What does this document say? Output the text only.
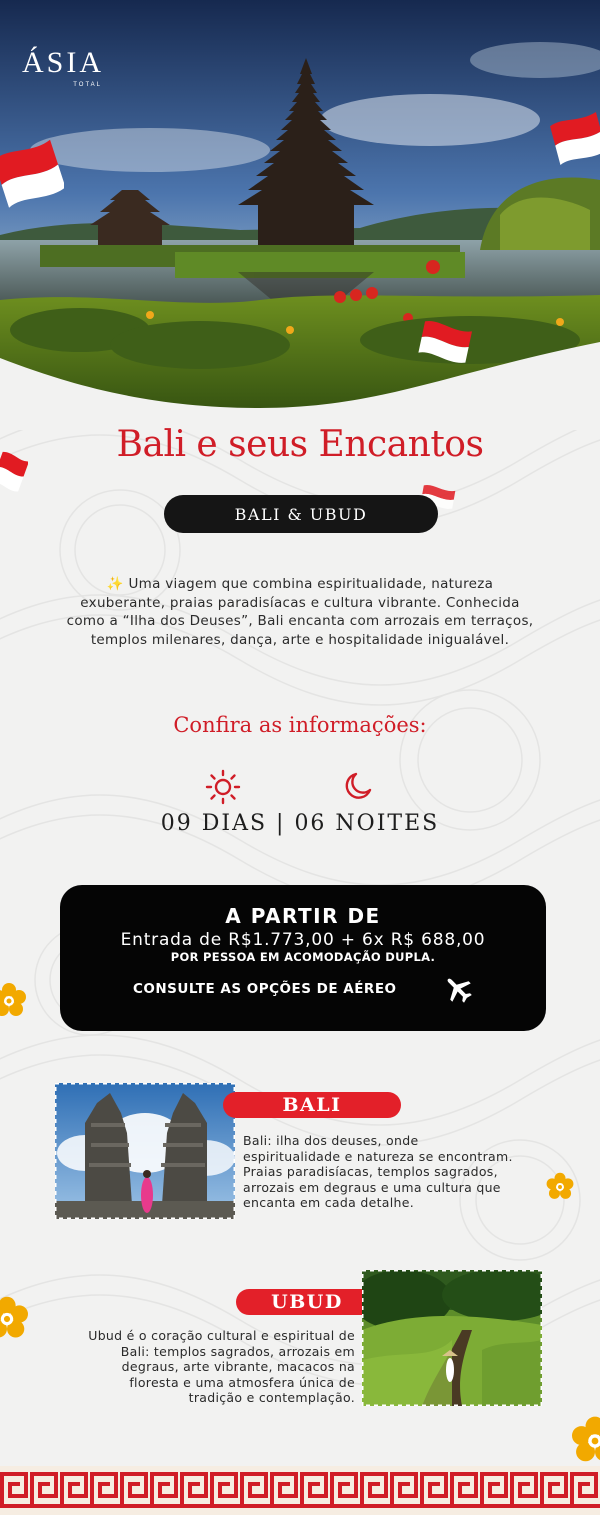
ÁSIA
TOTAL
Bali e seus Encantos
BALI & UBUD
✨ Uma viagem que combina espiritualidade, natureza exuberante, praias paradisíacas e cultura vibrante. Conhecida como a “Ilha dos Deuses”, Bali encanta com arrozais em terraços, templos milenares, dança, arte e hospitalidade inigualável.
Confira as informações:
09 DIAS | 06 NOITES
A PARTIR DE
Entrada de R$1.773,00 + 6x R$ 688,00
POR PESSOA EM ACOMODAÇÃO DUPLA.
CONSULTE AS OPÇÕES DE AÉREO
BALI
Bali: ilha dos deuses, onde espiritualidade e natureza se encontram. Praias paradisíacas, templos sagrados, arrozais em degraus e uma cultura que encanta em cada detalhe.
UBUD
Ubud é o coração cultural e espiritual de Bali: templos sagrados, arrozais em degraus, arte vibrante, macacos na floresta e uma atmosfera única de tradição e contemplação.
